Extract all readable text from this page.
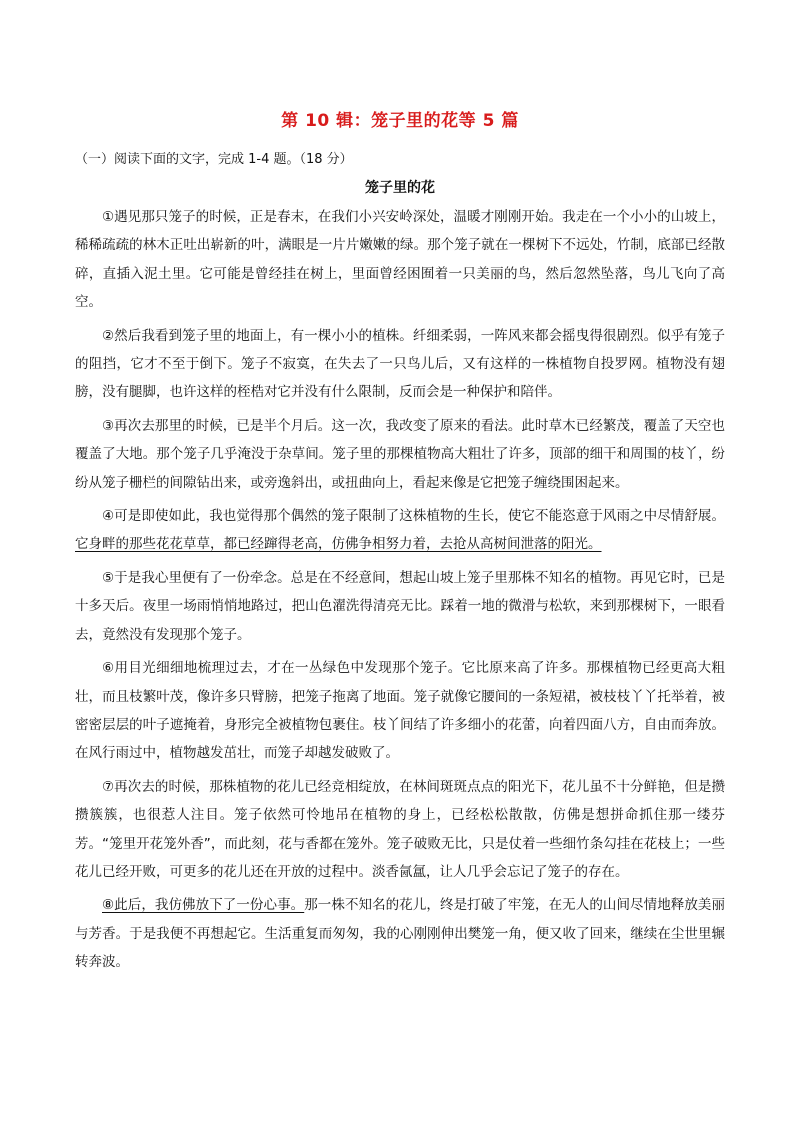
第 10 辑：笼子里的花等 5 篇
（一）阅读下面的文字，完成 1-4 题。（18 分）
笼子里的花

①遇见那只笼子的时候，正是春末，在我们小兴安岭深处，温暖才刚刚开始。我走在一个小小的山坡上，稀稀疏疏的林木正吐出崭新的叶，满眼是一片片嫩嫩的绿。那个笼子就在一棵树下不远处，竹制，底部已经散碎，直插入泥土里。它可能是曾经挂在树上，里面曾经困囿着一只美丽的鸟，然后忽然坠落，鸟儿飞向了高空。

②然后我看到笼子里的地面上，有一棵小小的植株。纤细柔弱，一阵风来都会摇曳得很剧烈。似乎有笼子的阻挡，它才不至于倒下。笼子不寂寞，在失去了一只鸟儿后，又有这样的一株植物自投罗网。植物没有翅膀，没有腿脚，也许这样的桎梏对它并没有什么限制，反而会是一种保护和陪伴。

③再次去那里的时候，已是半个月后。这一次，我改变了原来的看法。此时草木已经繁茂，覆盖了天空也覆盖了大地。那个笼子几乎淹没于杂草间。笼子里的那棵植物高大粗壮了许多，顶部的细干和周围的枝丫，纷纷从笼子栅栏的间隙钻出来，或旁逸斜出，或扭曲向上，看起来像是它把笼子缠绕围困起来。

④可是即使如此，我也觉得那个偶然的笼子限制了这株植物的生长，使它不能恣意于风雨之中尽情舒展。它身畔的那些花花草草，都已经蹿得老高，仿佛争相努力着，去抢从高树间泄落的阳光。

⑤于是我心里便有了一份牵念。总是在不经意间，想起山坡上笼子里那株不知名的植物。再见它时，已是十多天后。夜里一场雨悄悄地路过，把山色濯洗得清亮无比。踩着一地的微滑与松软，来到那棵树下，一眼看去，竟然没有发现那个笼子。

⑥用目光细细地梳理过去，才在一丛绿色中发现那个笼子。它比原来高了许多。那棵植物已经更高大粗壮，而且枝繁叶茂，像许多只臂膀，把笼子拖离了地面。笼子就像它腰间的一条短裙，被枝枝丫丫托举着，被密密层层的叶子遮掩着，身形完全被植物包裹住。枝丫间结了许多细小的花蕾，向着四面八方，自由而奔放。在风行雨过中，植物越发茁壮，而笼子却越发破败了。

⑦再次去的时候，那株植物的花儿已经竞相绽放，在林间斑斑点点的阳光下，花儿虽不十分鲜艳，但是攒攒簇簇，也很惹人注目。笼子依然可怜地吊在植物的身上，已经松松散散，仿佛是想拼命抓住那一缕芬芳。“笼里开花笼外香”，而此刻，花与香都在笼外。笼子破败无比，只是仗着一些细竹条勾挂在花枝上；一些花儿已经开败，可更多的花儿还在开放的过程中。淡香氤氲，让人几乎会忘记了笼子的存在。

⑧此后，我仿佛放下了一份心事。那一株不知名的花儿，终是打破了牢笼，在无人的山间尽情地释放美丽与芳香。于是我便不再想起它。生活重复而匆匆，我的心刚刚伸出樊笼一角，便又收了回来，继续在尘世里辗转奔波。
